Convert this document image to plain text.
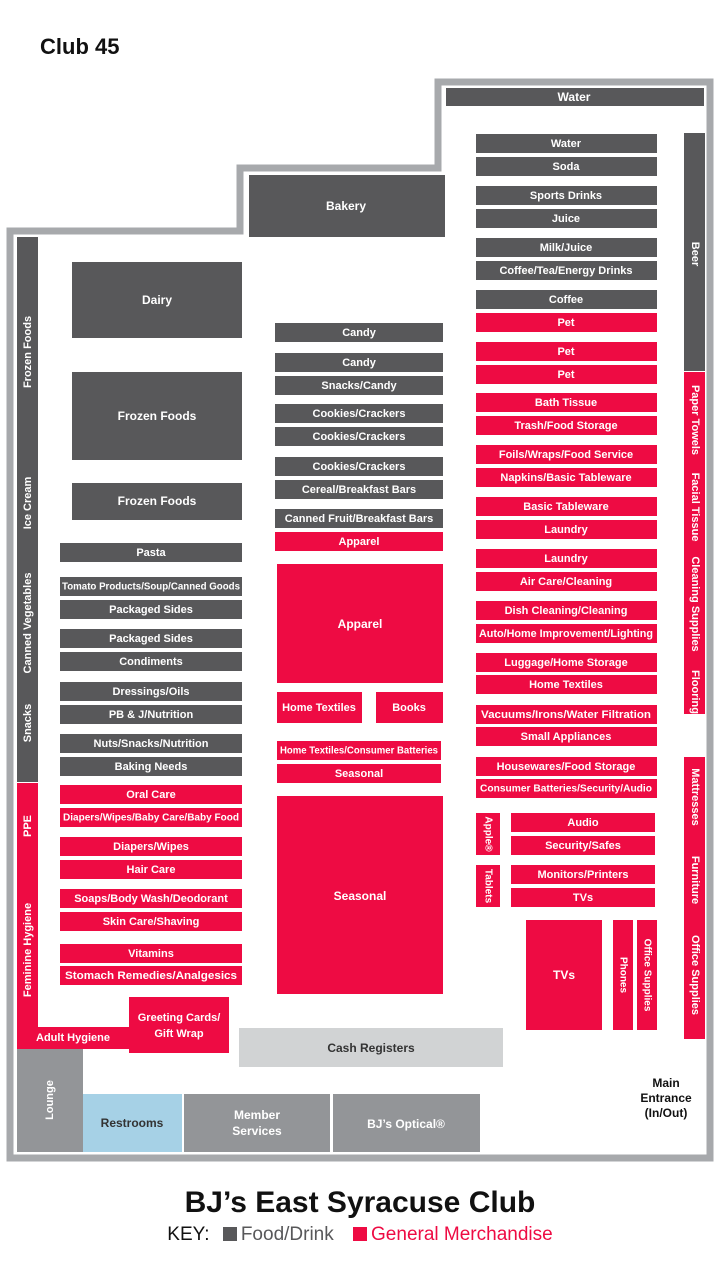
Club 45
Water
Bakery
Dairy
Frozen Foods
Frozen Foods
Pasta
Tomato Products/Soup/Canned Goods
Packaged Sides
Packaged Sides
Condiments
Dressings/Oils
PB & J/Nutrition
Nuts/Snacks/Nutrition
Baking Needs
Oral Care
Diapers/Wipes/Baby Care/Baby Food
Diapers/Wipes
Hair Care
Soaps/Body Wash/Deodorant
Skin Care/Shaving
Vitamins
Stomach Remedies/Analgesics
Greeting Cards/
Gift Wrap
Adult Hygiene
Candy
Candy
Snacks/Candy
Cookies/Crackers
Cookies/Crackers
Cookies/Crackers
Cereal/Breakfast Bars
Canned Fruit/Breakfast Bars
Apparel
Apparel
Home Textiles	Books
Home Textiles/Consumer Batteries
Seasonal
Seasonal
Water
Soda
Sports Drinks
Juice
Milk/Juice
Coffee/Tea/Energy Drinks
Coffee
Pet
Pet
Pet
Bath Tissue
Trash/Food Storage
Foils/Wraps/Food Service
Napkins/Basic Tableware
Basic Tableware
Laundry
Laundry
Air Care/Cleaning
Dish Cleaning/Cleaning
Auto/Home Improvement/Lighting
Luggage/Home Storage
Home Textiles
Vacuums/Irons/Water Filtration
Small Appliances
Housewares/Food Storage
Consumer Batteries/Security/Audio
Audio
Security/Safes
Monitors/Printers
TVs
TVs
Cash Registers
Restrooms
Member
Services	BJ’s Optical®
Main
Entrance
(In/Out)
Frozen Foods
Ice Cream
Canned Vegetables
Snacks
PPE
Feminine Hygiene
Lounge
Apple®
Tablets
Phones Office Supplies
Beer
Paper Towels
Facial Tissue
Cleaning Supplies
Flooring
Mattresses
Furniture
Office Supplies
BJ’s East Syracuse Club
KEY: Food/Drink General Merchandise
